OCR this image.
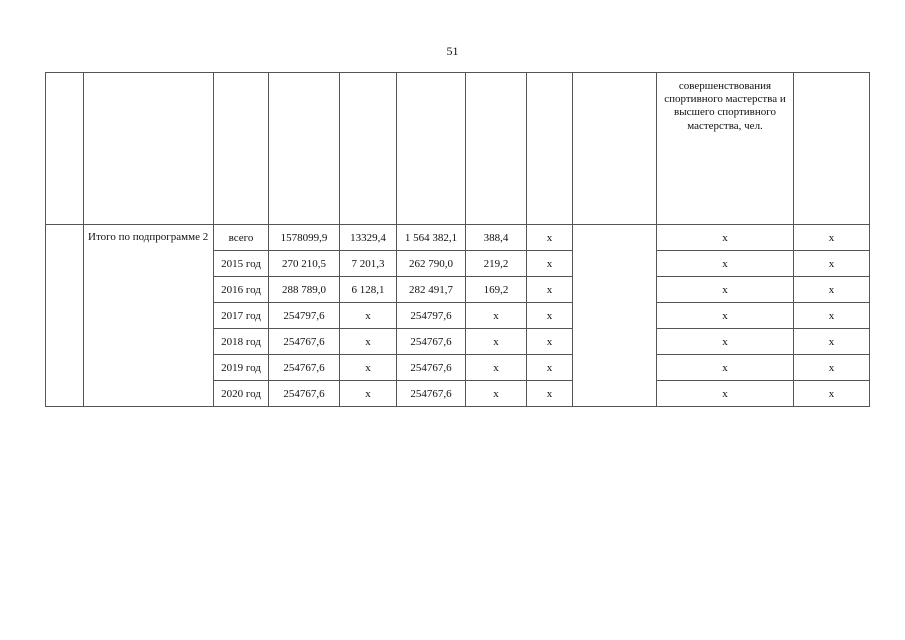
51
									совершенствования спортивного мастерства и высшего спортивного мастерства, чел.	
	Итого по подпрограмме 2	всего	1578099,9	13329,4	1 564 382,1	388,4	x		x	x
		2015 год	270 210,5	7 201,3	262 790,0	219,2	x		x	x
		2016 год	288 789,0	6 128,1	282 491,7	169,2	x		x	x
		2017 год	254797,6	x	254797,6	x	x		x	x
		2018 год	254767,6	x	254767,6	x	x		x	x
		2019 год	254767,6	x	254767,6	x	x		x	x
		2020 год	254767,6	x	254767,6	x	x		x	x
